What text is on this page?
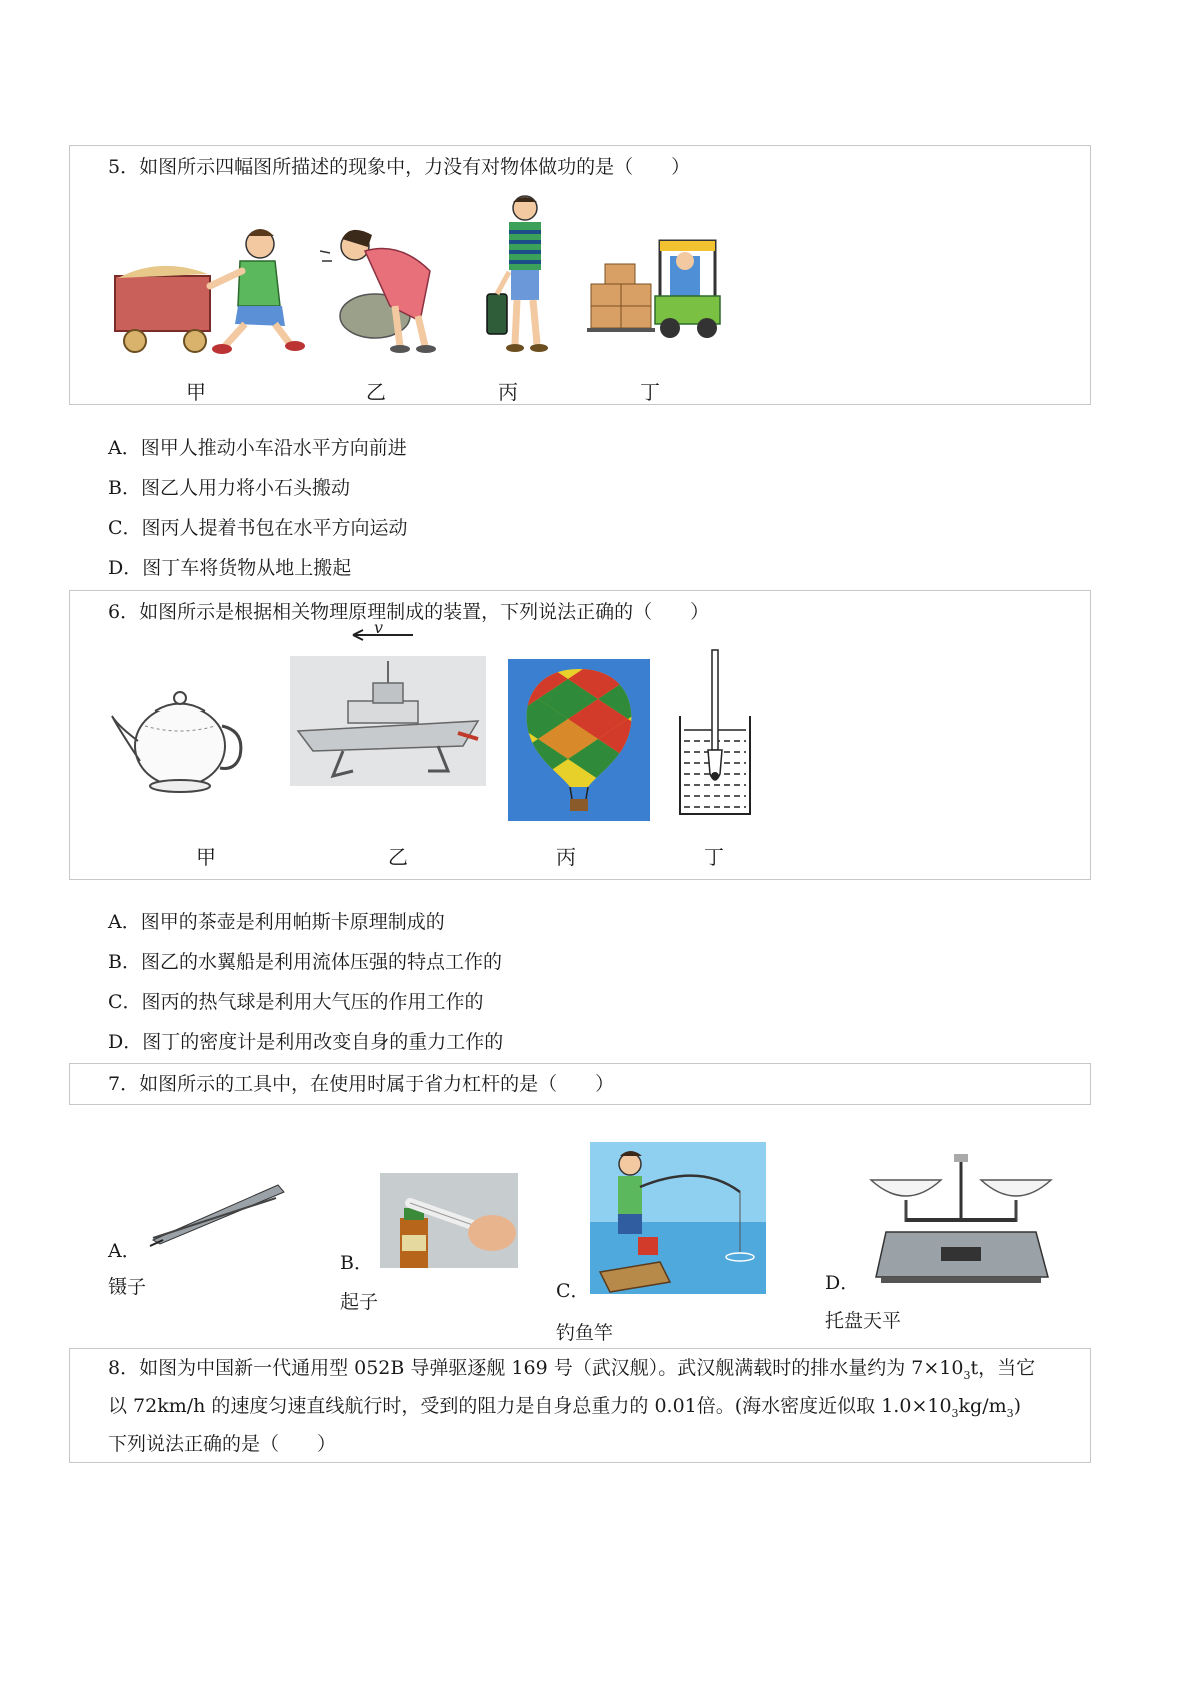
5．如图所示四幅图所描述的现象中，力没有对物体做功的是（　　）
甲	乙	丙	丁
A．图甲人推动小车沿水平方向前进
B．图乙人用力将小石头搬动
C．图丙人提着书包在水平方向运动
D．图丁车将货物从地上搬起
6．如图所示是根据相关物理原理制成的装置，下列说法正确的（　　）
甲
v
乙	丙	丁
A．图甲的茶壶是利用帕斯卡原理制成的
B．图乙的水翼船是利用流体压强的特点工作的
C．图丙的热气球是利用大气压的作用工作的
D．图丁的密度计是利用改变自身的重力工作的
7．如图所示的工具中，在使用时属于省力杠杆的是（　　）
A．
镊子
B．
起子	C．
钓鱼竿
D．
托盘天平
8．如图为中国新一代通用型 052B 导弹驱逐舰 169 号（武汉舰）。武汉舰满载时的排水量约为 $7\times 10_3t$，当它
以 72km/h 的速度匀速直线航行时，受到的阻力是自身总重力的 0.01倍。(海水密度近似取 $1.0\times 10_3kg/m_3$)
下列说法正确的是（　　）
